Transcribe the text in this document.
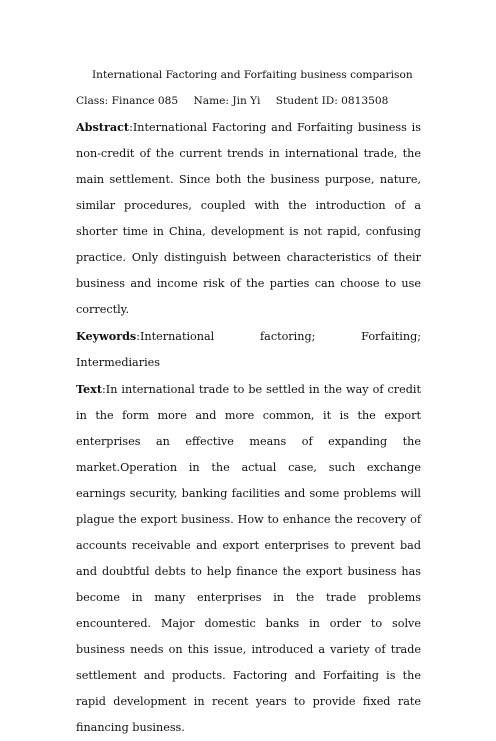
International Factoring and Forfaiting business comparison
Class: Finance 085 Name: Jin Yi Student ID: 0813508

Abstract:International Factoring and Forfaiting business is non-credit of the current trends in international trade, the main settlement. Since both the business purpose, nature, similar procedures, coupled with the introduction of a shorter time in China, development is not rapid, confusing practice. Only distinguish between characteristics of their business and income risk of the parties can choose to use correctly.

Keywords:International factoring; Forfaiting; Intermediaries

Text:In international trade to be settled in the way of credit in the form more and more common, it is the export enterprises an effective means of expanding the market.Operation in the actual case, such exchange earnings security, banking facilities and some problems will plague the export business. How to enhance the recovery of accounts receivable and export enterprises to prevent bad and doubtful debts to help finance the export business has become in many enterprises in the trade problems encountered. Major domestic banks in order to solve business needs on this issue, introduced a variety of trade settlement and products. Factoring and Forfaiting is the rapid development in recent years to provide fixed rate financing business.
